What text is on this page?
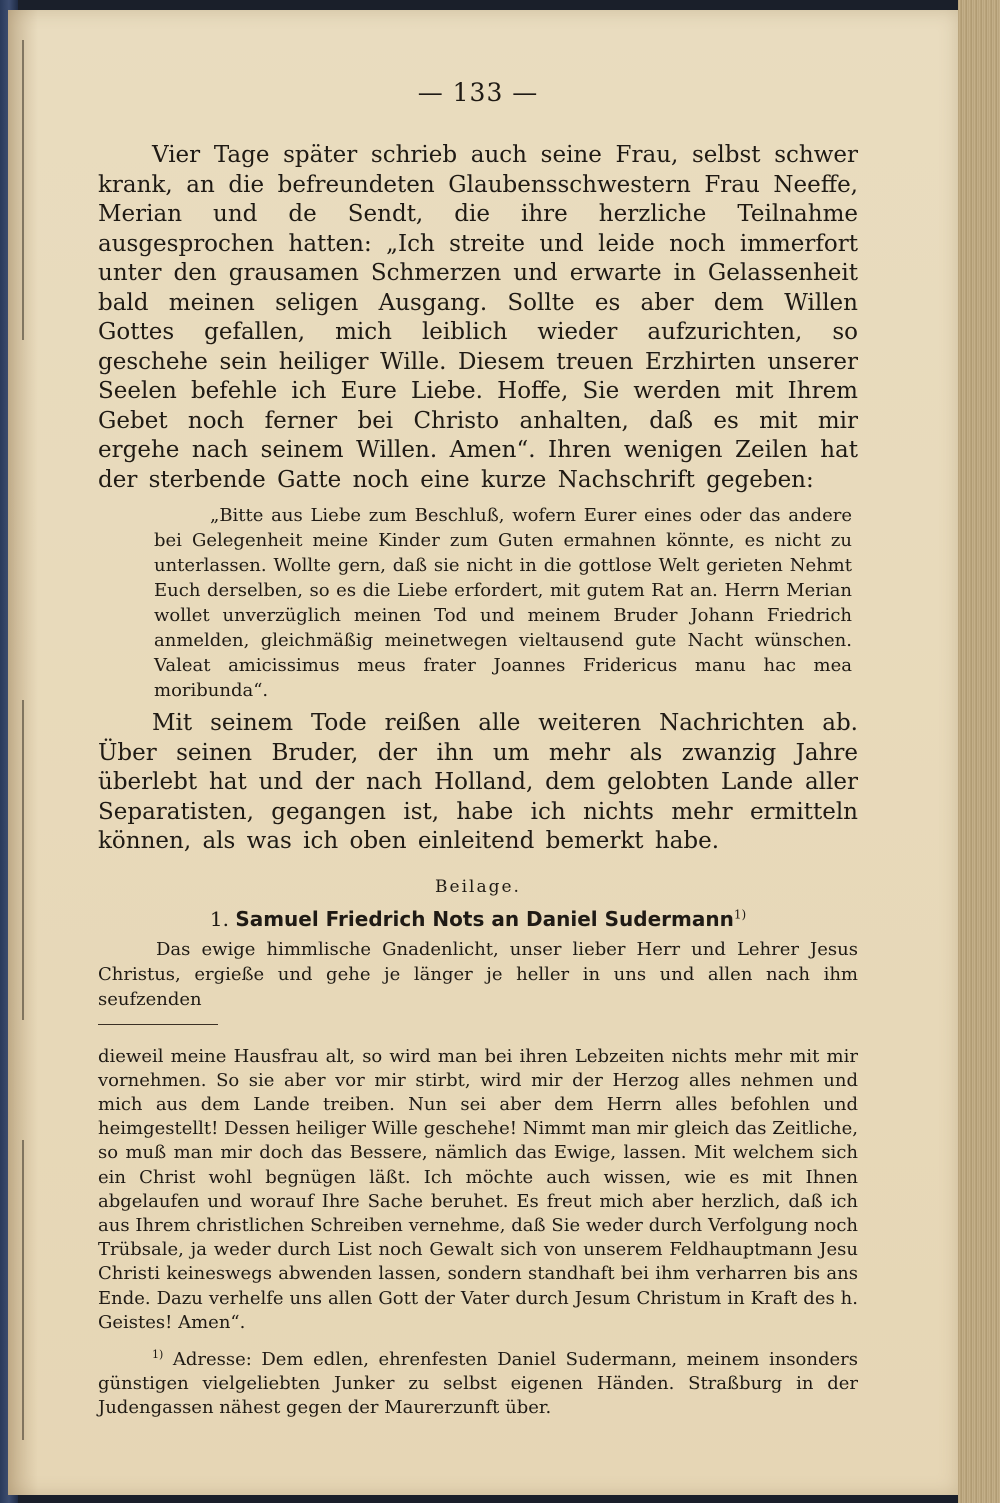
— 133 —

Vier Tage später schrieb auch seine Frau, selbst schwer krank, an die befreundeten Glaubensschwestern Frau Neeffe, Merian und de Sendt, die ihre herzliche Teilnahme ausgesprochen hatten: „Ich streite und leide noch immerfort unter den grausamen Schmerzen und erwarte in Gelassenheit bald meinen seligen Ausgang. Sollte es aber dem Willen Gottes gefallen, mich leiblich wieder aufzurichten, so geschehe sein heiliger Wille. Diesem treuen Erzhirten unserer Seelen befehle ich Eure Liebe. Hoffe, Sie werden mit Ihrem Gebet noch ferner bei Christo anhalten, daß es mit mir ergehe nach seinem Willen. Amen“. Ihren wenigen Zeilen hat der sterbende Gatte noch eine kurze Nachschrift gegeben:

„Bitte aus Liebe zum Beschluß, wofern Eurer eines oder das andere bei Gelegenheit meine Kinder zum Guten ermahnen könnte, es nicht zu unterlassen. Wollte gern, daß sie nicht in die gottlose Welt gerieten Nehmt Euch derselben, so es die Liebe erfordert, mit gutem Rat an. Herrn Merian wollet unverzüglich meinen Tod und meinem Bruder Johann Friedrich anmelden, gleichmäßig meinetwegen vieltausend gute Nacht wünschen. Valeat amicissimus meus frater Joannes Fridericus manu hac mea moribunda“.

Mit seinem Tode reißen alle weiteren Nachrichten ab. Über seinen Bruder, der ihn um mehr als zwanzig Jahre überlebt hat und der nach Holland, dem gelobten Lande aller Separatisten, gegangen ist, habe ich nichts mehr ermitteln können, als was ich oben einleitend bemerkt habe.

Beilage.
1. Samuel Friedrich Nots an Daniel Sudermann$^{1)}$

Das ewige himmlische Gnadenlicht, unser lieber Herr und Lehrer Jesus Christus, ergieße und gehe je länger je heller in uns und allen nach ihm seufzenden

dieweil meine Hausfrau alt, so wird man bei ihren Lebzeiten nichts mehr mit mir vornehmen. So sie aber vor mir stirbt, wird mir der Herzog alles nehmen und mich aus dem Lande treiben. Nun sei aber dem Herrn alles befohlen und heimgestellt! Dessen heiliger Wille geschehe! Nimmt man mir gleich das Zeitliche, so muß man mir doch das Bessere, nämlich das Ewige, lassen. Mit welchem sich ein Christ wohl begnügen läßt. Ich möchte auch wissen, wie es mit Ihnen abgelaufen und worauf Ihre Sache beruhet. Es freut mich aber herzlich, daß ich aus Ihrem christlichen Schreiben vernehme, daß Sie weder durch Verfolgung noch Trübsale, ja weder durch List noch Gewalt sich von unserem Feldhauptmann Jesu Christi keineswegs abwenden lassen, sondern standhaft bei ihm verharren bis ans Ende. Dazu verhelfe uns allen Gott der Vater durch Jesum Christum in Kraft des h. Geistes! Amen“.

$^{1)}$ Adresse: Dem edlen, ehrenfesten Daniel Sudermann, meinem insonders günstigen vielgeliebten Junker zu selbst eigenen Händen. Straßburg in der Judengassen nähest gegen der Maurerzunft über.
